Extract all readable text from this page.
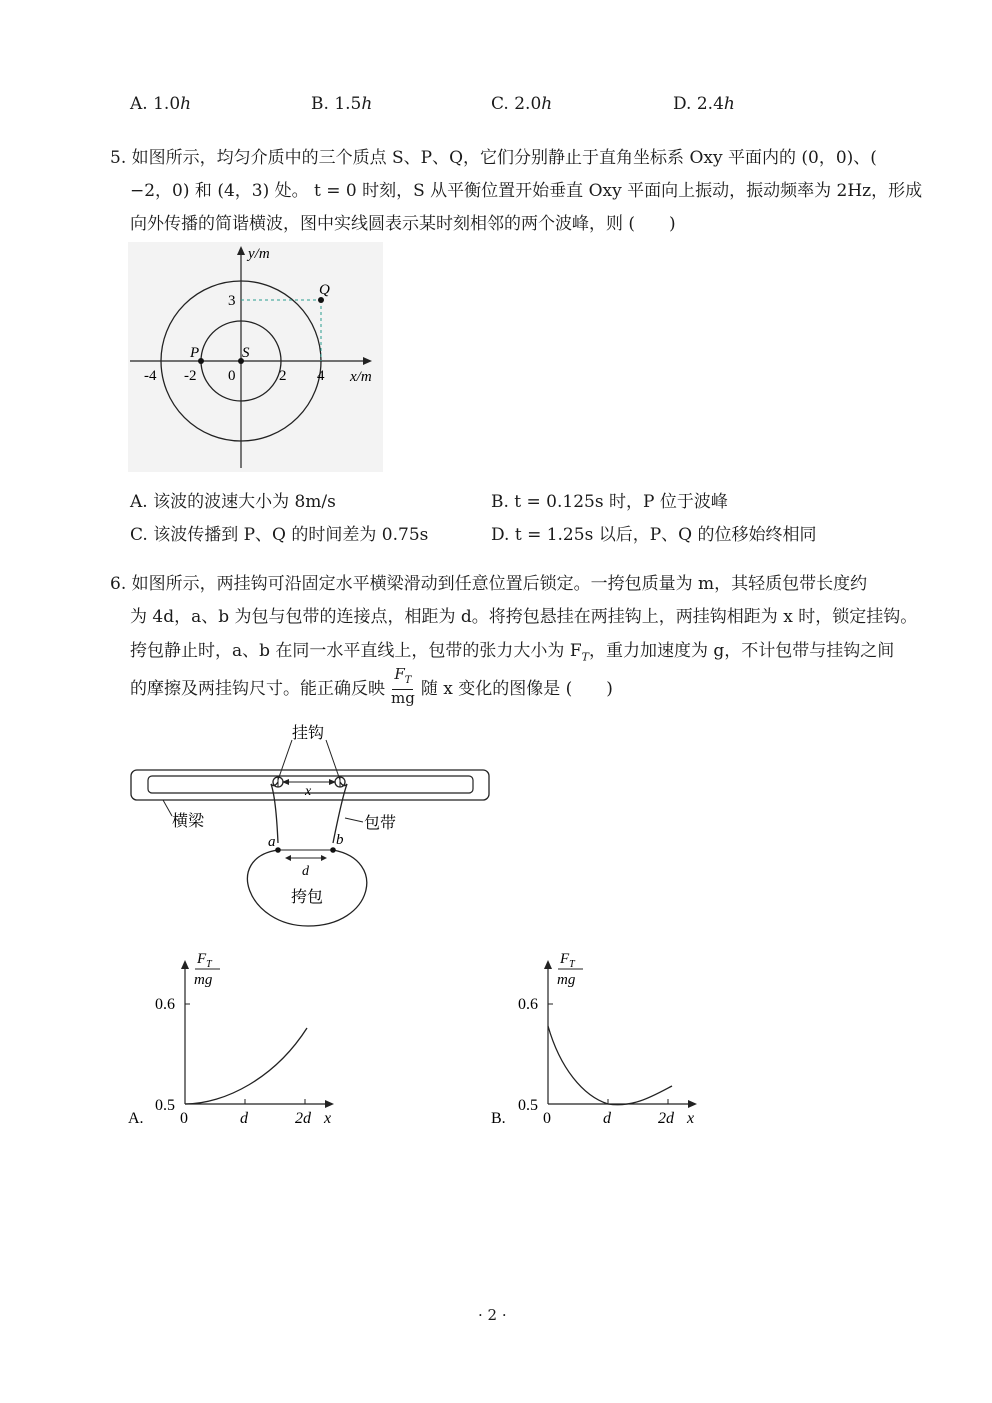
A. 1.0h	B. 1.5h	C. 2.0h	D. 2.4h
5. 如图所示，均匀介质中的三个质点 S、P、Q，它们分别静止于直角坐标系 Oxy 平面内的 (0，0)、(
−2，0) 和 (4，3) 处。 t = 0 时刻，S 从平衡位置开始垂直 Oxy 平面向上振动，振动频率为 2Hz，形成
向外传播的简谐横波，图中实线圆表示某时刻相邻的两个波峰，则 (　　)
y/m
x/m
-4 -2 0	2 4
3
S
P
Q
A. 该波的波速大小为 8m/s	B. t = 0.125s 时，P 位于波峰
C. 该波传播到 P、Q 的时间差为 0.75s	D. t = 1.25s 以后，P、Q 的位移始终相同
6. 如图所示，两挂钩可沿固定水平横梁滑动到任意位置后锁定。一挎包质量为 m，其轻质包带长度约
为 4d，a、b 为包与包带的连接点，相距为 d。将挎包悬挂在两挂钩上，两挂钩相距为 x 时，锁定挂钩。
挎包静止时，a、b 在同一水平直线上，包带的张力大小为 $F_T$，重力加速度为 g，不计包带与挂钩之间
的摩擦及两挂钩尺寸。能正确反映
$F_T$
mg 随 x 变化的图像是 (　　)
挂钩
x
横梁	包带
a	b
d
挎包
$F_T$
mg
0.6
0.5
A. 0	d	2d x
$F_T$
mg
0.6
0.5
B. 0	d	2d x
· 2 ·
